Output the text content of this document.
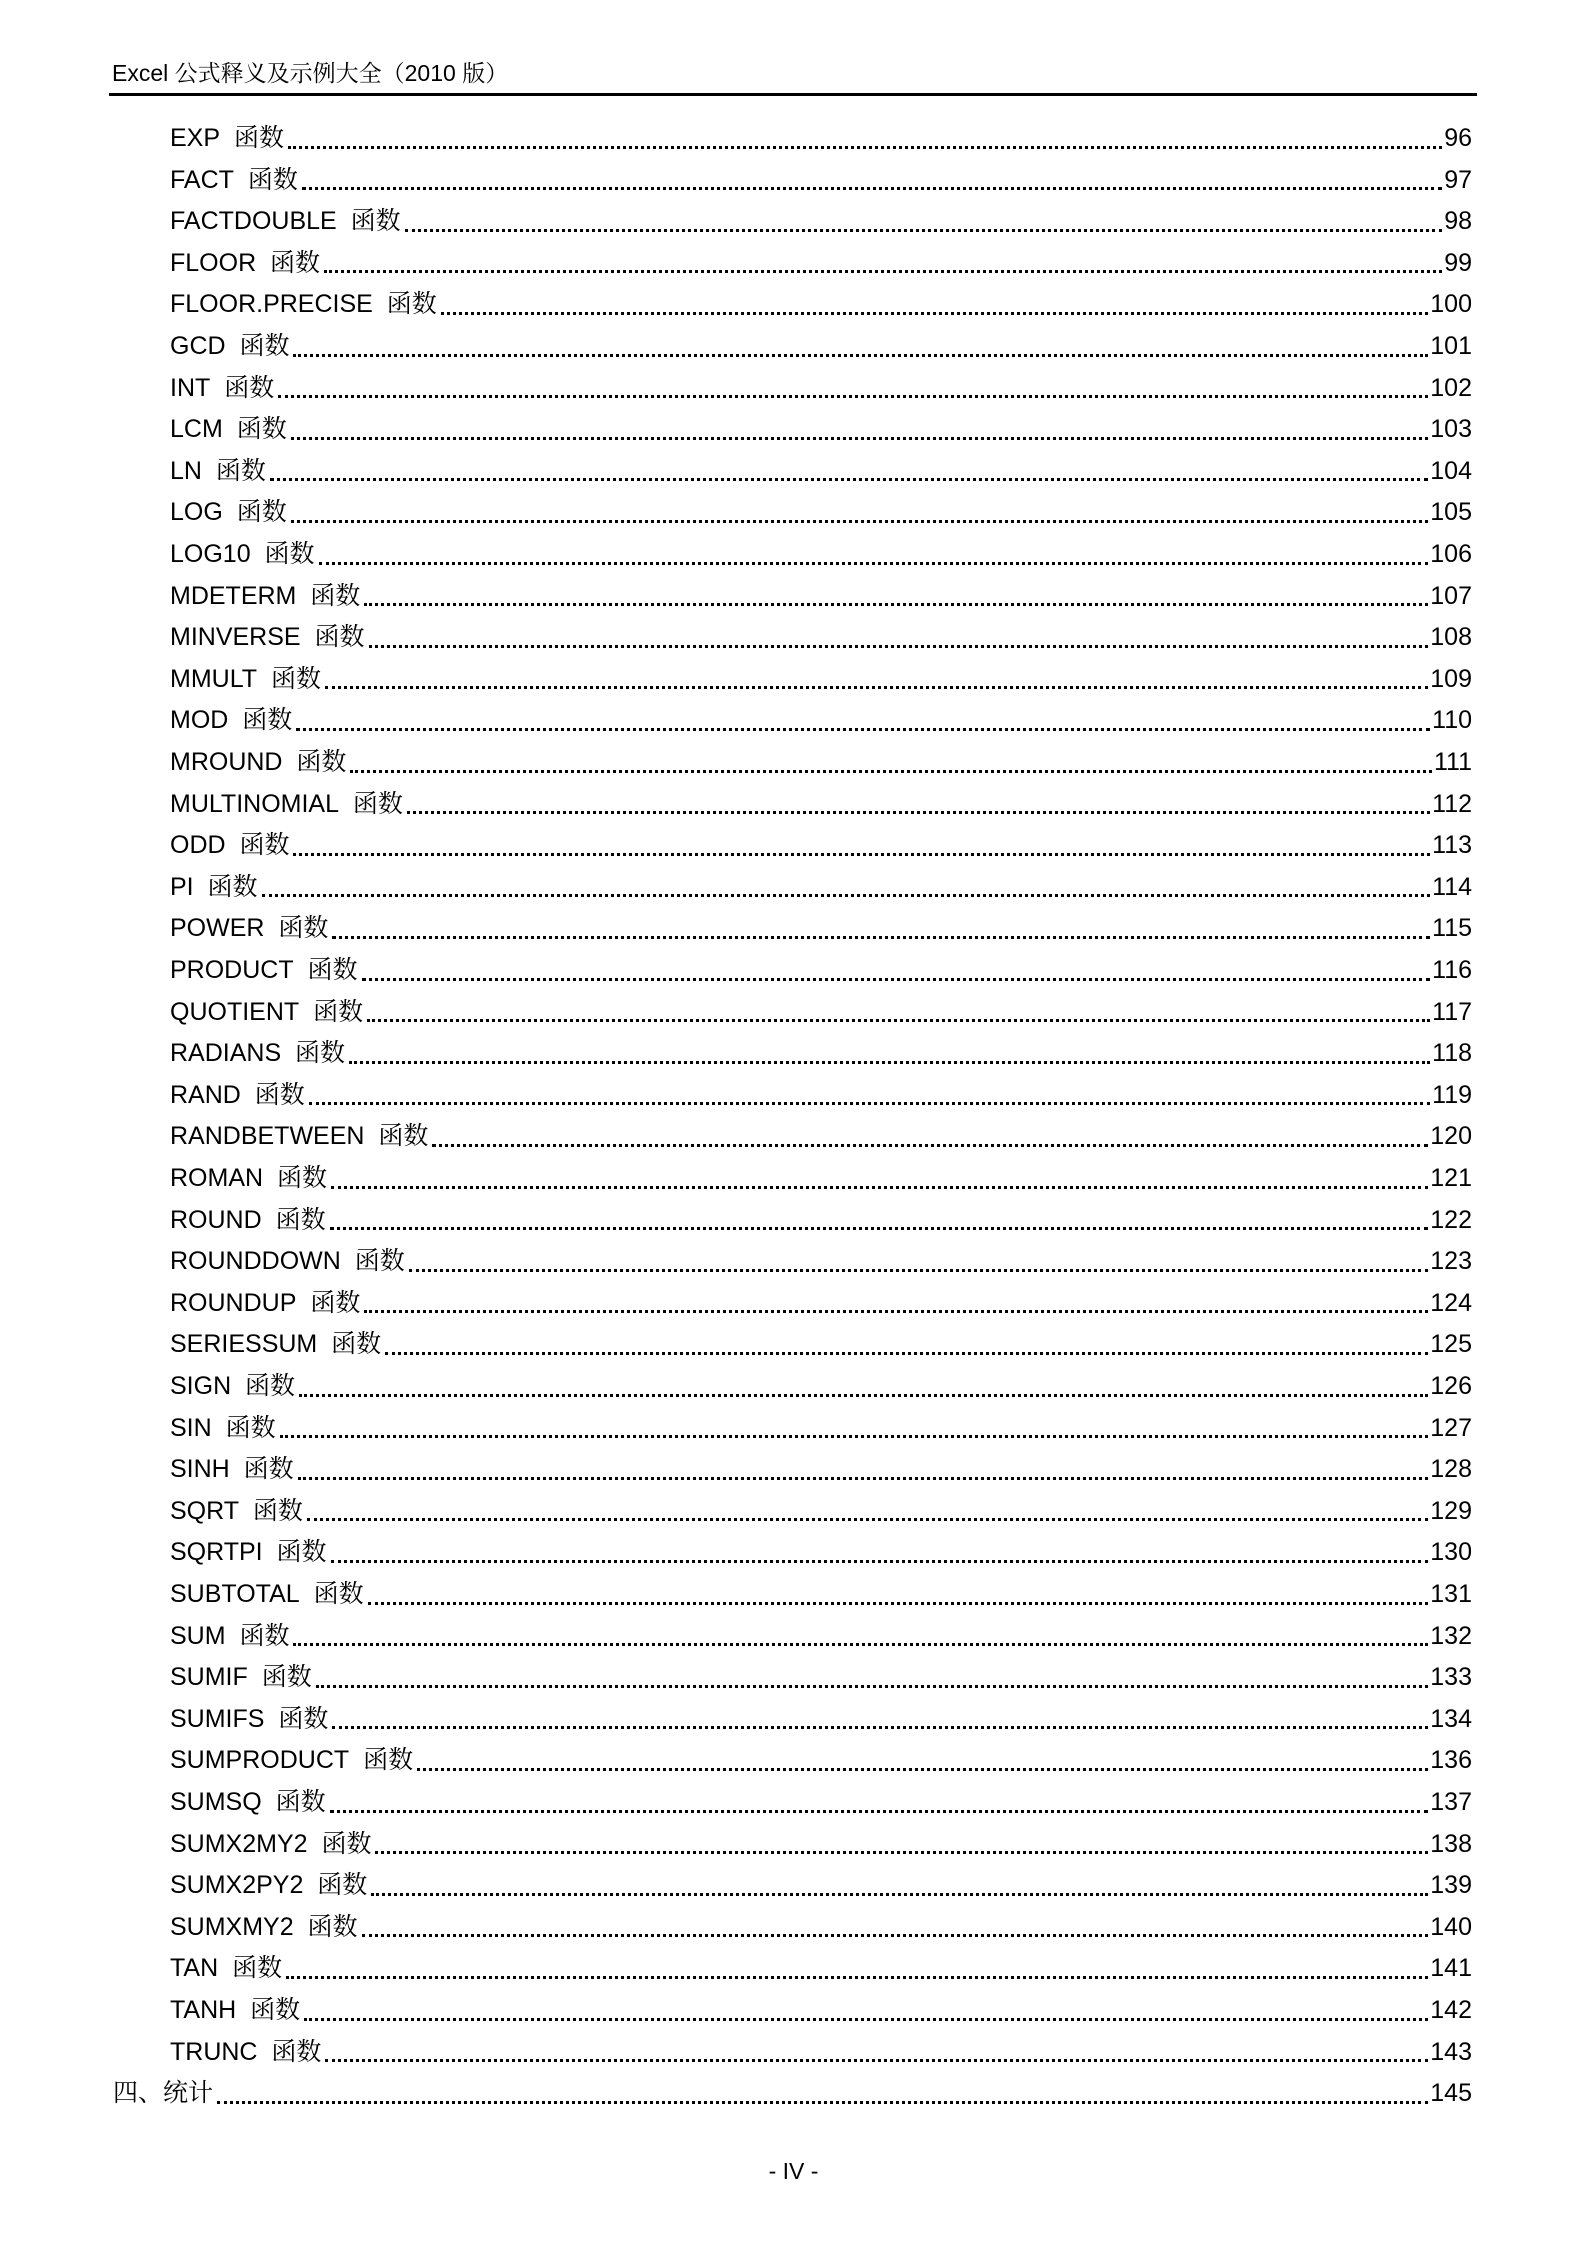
Excel 公式释义及示例大全（2010 版）
EXP 函数	96
FACT 函数	97
FACTDOUBLE 函数	98
FLOOR 函数	99
FLOOR.PRECISE 函数	100
GCD 函数	101
INT 函数	102
LCM 函数	103
LN 函数	104
LOG 函数	105
LOG10 函数	106
MDETERM 函数	107
MINVERSE 函数	108
MMULT 函数	109
MOD 函数	110
MROUND 函数	111
MULTINOMIAL 函数	112
ODD 函数	113
PI 函数	114
POWER 函数	115
PRODUCT 函数	116
QUOTIENT 函数	117
RADIANS 函数	118
RAND 函数	119
RANDBETWEEN 函数	120
ROMAN 函数	121
ROUND 函数	122
ROUNDDOWN 函数	123
ROUNDUP 函数	124
SERIESSUM 函数	125
SIGN 函数	126
SIN 函数	127
SINH 函数	128
SQRT 函数	129
SQRTPI 函数	130
SUBTOTAL 函数	131
SUM 函数	132
SUMIF 函数	133
SUMIFS 函数	134
SUMPRODUCT 函数	136
SUMSQ 函数	137
SUMX2MY2 函数	138
SUMX2PY2 函数	139
SUMXMY2 函数	140
TAN 函数	141
TANH 函数	142
TRUNC 函数	143
四、统计	145
- IV -
